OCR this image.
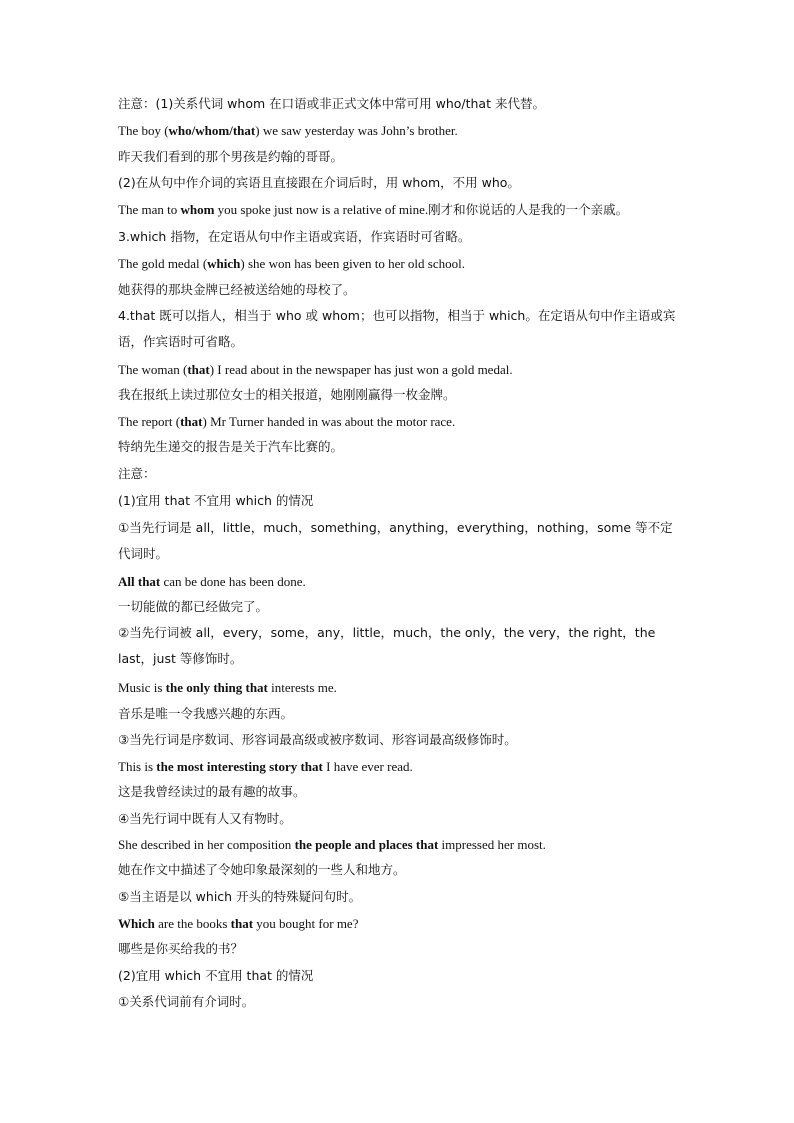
注意：(1)关系代词 whom 在口语或非正式文体中常可用 who/that 来代替。
The boy (who/whom/that) we saw yesterday was John’s brother.
昨天我们看到的那个男孩是约翰的哥哥。
(2)在从句中作介词的宾语且直接跟在介词后时，用 whom，不用 who。
The man to whom you spoke just now is a relative of mine.刚才和你说话的人是我的一个亲戚。
3.which 指物，在定语从句中作主语或宾语，作宾语时可省略。
The gold medal (which) she won has been given to her old school.
她获得的那块金牌已经被送给她的母校了。
4.that 既可以指人，相当于 who 或 whom；也可以指物，相当于 which。在定语从句中作主语或宾语，作宾语时可省略。
The woman (that) I read about in the newspaper has just won a gold medal.
我在报纸上读过那位女士的相关报道，她刚刚赢得一枚金牌。
The report (that) Mr Turner handed in was about the motor race.
特纳先生递交的报告是关于汽车比赛的。
注意：
(1)宜用 that 不宜用 which 的情况
①当先行词是 all，little，much，something，anything，everything，nothing，some 等不定代词时。
All that can be done has been done.
一切能做的都已经做完了。
②当先行词被 all，every，some，any，little，much，the only，the very，the right，the last，just 等修饰时。
Music is the only thing that interests me.
音乐是唯一令我感兴趣的东西。
③当先行词是序数词、形容词最高级或被序数词、形容词最高级修饰时。
This is the most interesting story that I have ever read.
这是我曾经读过的最有趣的故事。
④当先行词中既有人又有物时。
She described in her composition the people and places that impressed her most.
她在作文中描述了令她印象最深刻的一些人和地方。
⑤当主语是以 which 开头的特殊疑问句时。
Which are the books that you bought for me?
哪些是你买给我的书？
(2)宜用 which 不宜用 that 的情况
①关系代词前有介词时。
